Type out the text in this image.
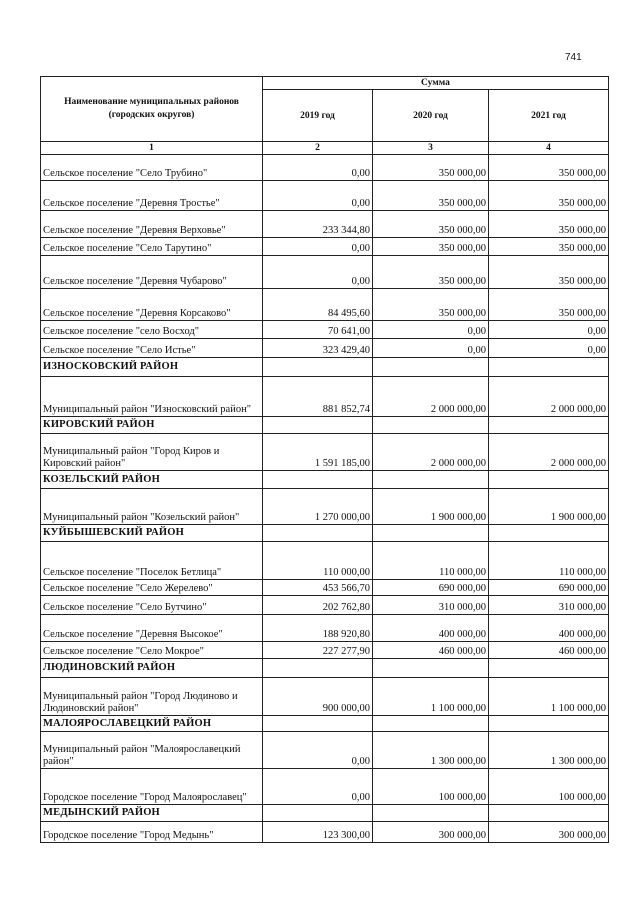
741
Наименование муниципальных районов (городских округов)	Сумма		
	2019 год	2020 год	2021 год
1	2	3	4
Сельское поселение "Село Трубино"	0,00	350 000,00	350 000,00
Сельское поселение "Деревня Тростье"	0,00	350 000,00	350 000,00
Сельское поселение "Деревня Верховье"	233 344,80	350 000,00	350 000,00
Сельское поселение "Село Тарутино"	0,00	350 000,00	350 000,00
Сельское поселение "Деревня Чубарово"	0,00	350 000,00	350 000,00
Сельское поселение "Деревня Корсаково"	84 495,60	350 000,00	350 000,00
Сельское поселение "село Восход"	70 641,00	0,00	0,00
Сельское поселение "Село Истье"	323 429,40	0,00	0,00
ИЗНОСКОВСКИЙ РАЙОН			
Муниципальный район "Износковский район"	881 852,74	2 000 000,00	2 000 000,00
КИРОВСКИЙ РАЙОН			
Муниципальный район "Город Киров и Кировский район"	1 591 185,00	2 000 000,00	2 000 000,00
КОЗЕЛЬСКИЙ РАЙОН			
Муниципальный район "Козельский район"	1 270 000,00	1 900 000,00	1 900 000,00
КУЙБЫШЕВСКИЙ РАЙОН			
Сельское поселение "Поселок Бетлица"	110 000,00	110 000,00	110 000,00
Сельское поселение "Село Жерелево"	453 566,70	690 000,00	690 000,00
Сельское поселение "Село Бутчино"	202 762,80	310 000,00	310 000,00
Сельское поселение "Деревня Высокое"	188 920,80	400 000,00	400 000,00
Сельское поселение "Село Мокрое"	227 277,90	460 000,00	460 000,00
ЛЮДИНОВСКИЙ РАЙОН			
Муниципальный район "Город Людиново и Людиновский район"	900 000,00	1 100 000,00	1 100 000,00
МАЛОЯРОСЛАВЕЦКИЙ РАЙОН			
Муниципальный район "Малоярославецкий район"	0,00	1 300 000,00	1 300 000,00
Городское поселение "Город Малоярославец"	0,00	100 000,00	100 000,00
МЕДЫНСКИЙ РАЙОН			
Городское поселение "Город Медынь"	123 300,00	300 000,00	300 000,00
